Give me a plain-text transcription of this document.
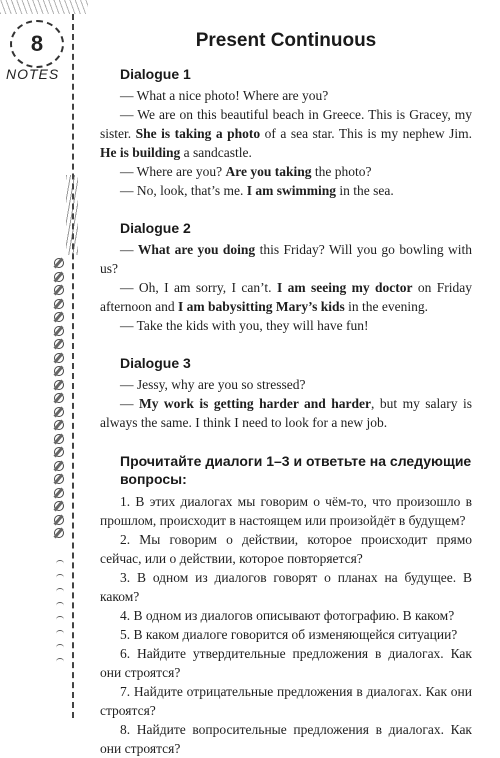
8
NOTES
Present Continuous
Dialogue 1

— What a nice photo! Where are you?

— We are on this beautiful beach in Greece. This is Gracey, my sister. She is taking a photo of a sea star. This is my nephew Jim. He is building a sandcastle.

— Where are you? Are you taking the photo?

— No, look, that’s me. I am swimming in the sea.

Dialogue 2

— What are you doing this Friday? Will you go bowling with us?

— Oh, I am sorry, I can’t. I am seeing my doctor on Friday afternoon and I am babysitting Mary’s kids in the evening.

— Take the kids with you, they will have fun!

Dialogue 3

— Jessy, why are you so stressed?

— My work is getting harder and harder, but my salary is always the same. I think I need to look for a new job.

Прочитайте диалоги 1–3 и ответьте на следующие вопросы:

1. В этих диалогах мы говорим о чём-то, что произошло в прошлом, происходит в настоящем или произойдёт в будущем?

2. Мы говорим о действии, которое происходит прямо сейчас, или о действии, которое повторяется?

3. В одном из диалогов говорят о планах на будущее. В каком?

4. В одном из диалогов описывают фотографию. В каком?

5. В каком диалоге говорится об изменяющейся ситуации?

6. Найдите утвердительные предложения в диалогах. Как они строятся?

7. Найдите отрицательные предложения в диалогах. Как они строятся?

8. Найдите вопросительные предложения в диалогах. Как они строятся?
